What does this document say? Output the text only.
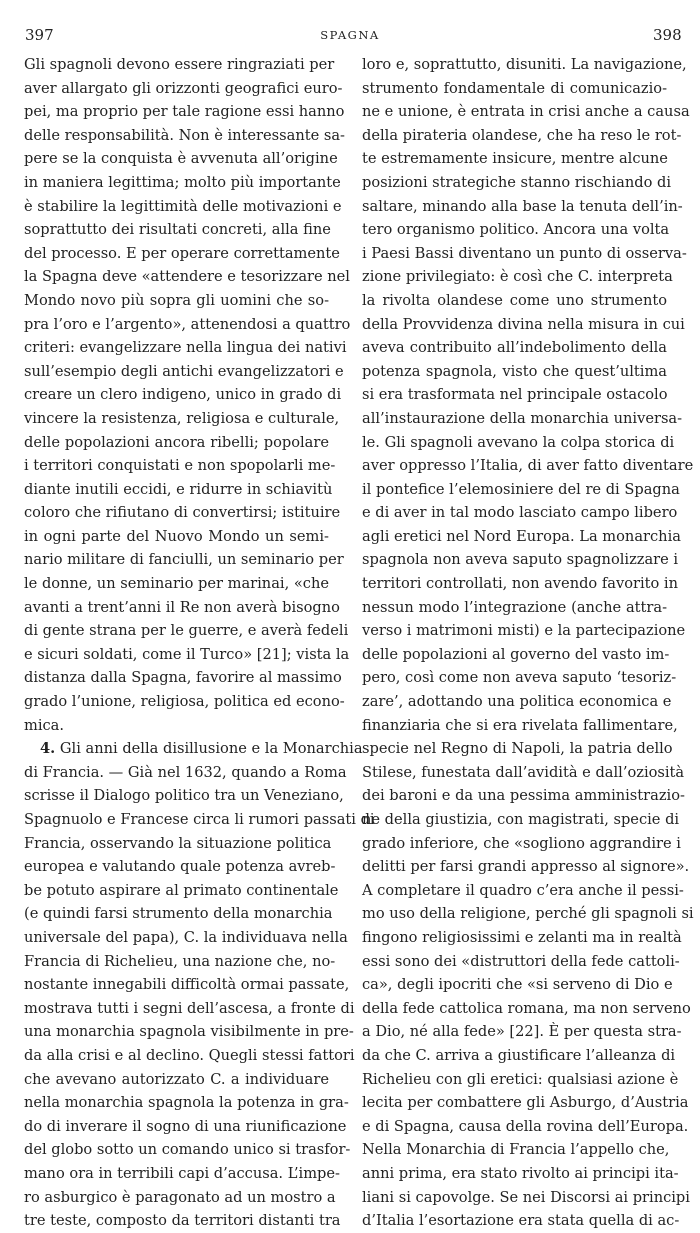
397	SPAGNA	398
Gli spagnoli devono essere ringraziati per
aver allargato gli orizzonti geografici euro-
pei, ma proprio per tale ragione essi hanno
delle responsabilità. Non è interessante sa-
pere se la conquista è avvenuta all’origine
in maniera legittima; molto più importante
è stabilire la legittimità delle motivazioni e
soprattutto dei risultati concreti, alla fine
del processo. E per operare correttamente
la Spagna deve «attendere e tesorizzare nel
Mondo novo più sopra gli uomini che so-
pra l’oro e l’argento», attenendosi a quattro
criteri: evangelizzare nella lingua dei nativi
sull’esempio degli antichi evangelizzatori e
creare un clero indigeno, unico in grado di
vincere la resistenza, religiosa e culturale,
delle popolazioni ancora ribelli; popolare
i territori conquistati e non spopolarli me-
diante inutili eccidi, e ridurre in schiavitù
coloro che rifiutano di convertirsi; istituire
in ogni parte del Nuovo Mondo un semi-
nario militare di fanciulli, un seminario per
le donne, un seminario per marinai, «che
avanti a trent’anni il Re non averà bisogno
di gente strana per le guerre, e averà fedeli
e sicuri soldati, come il Turco» [21]; vista la
distanza dalla Spagna, favorire al massimo
grado l’unione, religiosa, politica ed econo-
mica.
4. Gli anni della disillusione e la Monarchia
di Francia. — Già nel 1632, quando a Roma
scrisse il Dialogo politico tra un Veneziano,
Spagnuolo e Francese circa li rumori passati di
Francia, osservando la situazione politica
europea e valutando quale potenza avreb-
be potuto aspirare al primato continentale
(e quindi farsi strumento della monarchia
universale del papa), C. la individuava nella
Francia di Richelieu, una nazione che, no-
nostante innegabili difficoltà ormai passate,
mostrava tutti i segni dell’ascesa, a fronte di
una monarchia spagnola visibilmente in pre-
da alla crisi e al declino. Quegli stessi fattori
che avevano autorizzato C. a individuare
nella monarchia spagnola la potenza in gra-
do di inverare il sogno di una riunificazione
del globo sotto un comando unico si trasfor-
mano ora in terribili capi d’accusa. L’impe-
ro asburgico è paragonato ad un mostro a
tre teste, composto da territori distanti tra
loro e, soprattutto, disuniti. La navigazione,
strumento fondamentale di comunicazio-
ne e unione, è entrata in crisi anche a causa
della pirateria olandese, che ha reso le rot-
te estremamente insicure, mentre alcune
posizioni strategiche stanno rischiando di
saltare, minando alla base la tenuta dell’in-
tero organismo politico. Ancora una volta
i Paesi Bassi diventano un punto di osserva-
zione privilegiato: è così che C. interpreta
la rivolta olandese come uno strumento
della Provvidenza divina nella misura in cui
aveva contribuito all’indebolimento della
potenza spagnola, visto che quest’ultima
si era trasformata nel principale ostacolo
all’instaurazione della monarchia universa-
le. Gli spagnoli avevano la colpa storica di
aver oppresso l’Italia, di aver fatto diventare
il pontefice l’elemosiniere del re di Spagna
e di aver in tal modo lasciato campo libero
agli eretici nel Nord Europa. La monarchia
spagnola non aveva saputo spagnolizzare i
territori controllati, non avendo favorito in
nessun modo l’integrazione (anche attra-
verso i matrimoni misti) e la partecipazione
delle popolazioni al governo del vasto im-
pero, così come non aveva saputo ‘tesoriz-
zare’, adottando una politica economica e
finanziaria che si era rivelata fallimentare,
specie nel Regno di Napoli, la patria dello
Stilese, funestata dall’avidità e dall’oziosità
dei baroni e da una pessima amministrazio-
ne della giustizia, con magistrati, specie di
grado inferiore, che «sogliono aggrandire i
delitti per farsi grandi appresso al signore».
A completare il quadro c’era anche il pessi-
mo uso della religione, perché gli spagnoli si
fingono religiosissimi e zelanti ma in realtà
essi sono dei «distruttori della fede cattoli-
ca», degli ipocriti che «si serveno di Dio e
della fede cattolica romana, ma non serveno
a Dio, né alla fede» [22]. È per questa stra-
da che C. arriva a giustificare l’alleanza di
Richelieu con gli eretici: qualsiasi azione è
lecita per combattere gli Asburgo, d’Austria
e di Spagna, causa della rovina dell’Europa.
Nella Monarchia di Francia l’appello che,
anni prima, era stato rivolto ai principi ita-
liani si capovolge. Se nei Discorsi ai principi
d’Italia l’esortazione era stata quella di ac-
